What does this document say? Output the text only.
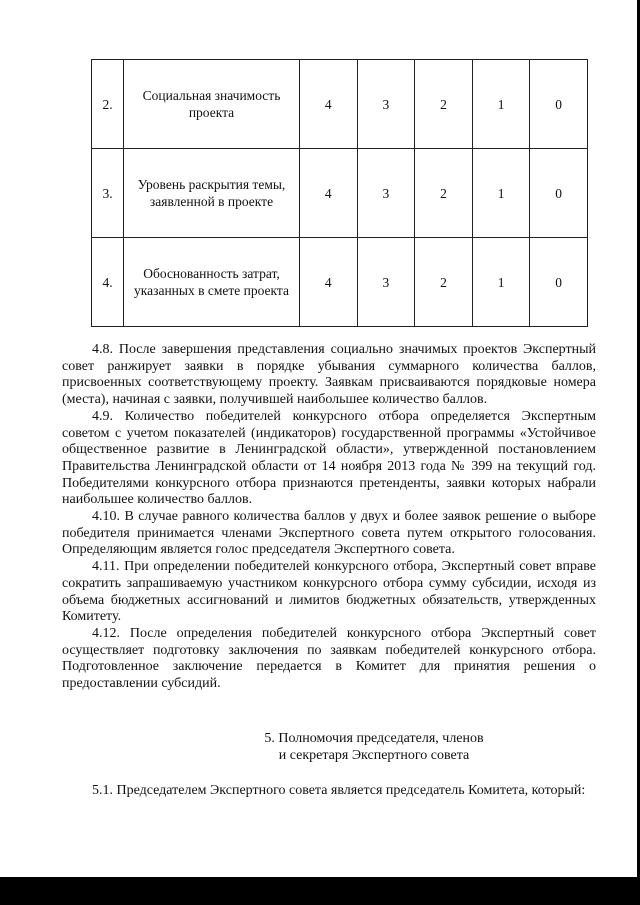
2.	Социальная значимость проекта	4	3	2	1	0
3.	Уровень раскрытия темы, заявленной в проекте	4	3	2	1	0
4.	Обоснованность затрат, указанных в смете проекта	4	3	2	1	0

4.8. После завершения представления социально значимых проектов Экспертный совет ранжирует заявки в порядке убывания суммарного количества баллов, присвоенных соответствующему проекту. Заявкам присваиваются порядковые номера (места), начиная с заявки, получившей наибольшее количество баллов.

4.9. Количество победителей конкурсного отбора определяется Экспертным советом с учетом показателей (индикаторов) государственной программы «Устойчивое общественное развитие в Ленинградской области», утвержденной постановлением Правительства Ленинградской области от 14 ноября 2013 года № 399 на текущий год. Победителями конкурсного отбора признаются претенденты, заявки которых набрали наибольшее количество баллов.

4.10. В случае равного количества баллов у двух и более заявок решение о выборе победителя принимается членами Экспертного совета путем открытого голосования. Определяющим является голос председателя Экспертного совета.

4.11. При определении победителей конкурсного отбора, Экспертный совет вправе сократить запрашиваемую участником конкурсного отбора сумму субсидии, исходя из объема бюджетных ассигнований и лимитов бюджетных обязательств, утвержденных Комитету.

4.12. После определения победителей конкурсного отбора Экспертный совет осуществляет подготовку заключения по заявкам победителей конкурсного отбора. Подготовленное заключение передается в Комитет для принятия решения о предоставлении субсидий.

5. Полномочия председателя, членов
и секретаря Экспертного совета

5.1. Председателем Экспертного совета является председатель Комитета, который:
